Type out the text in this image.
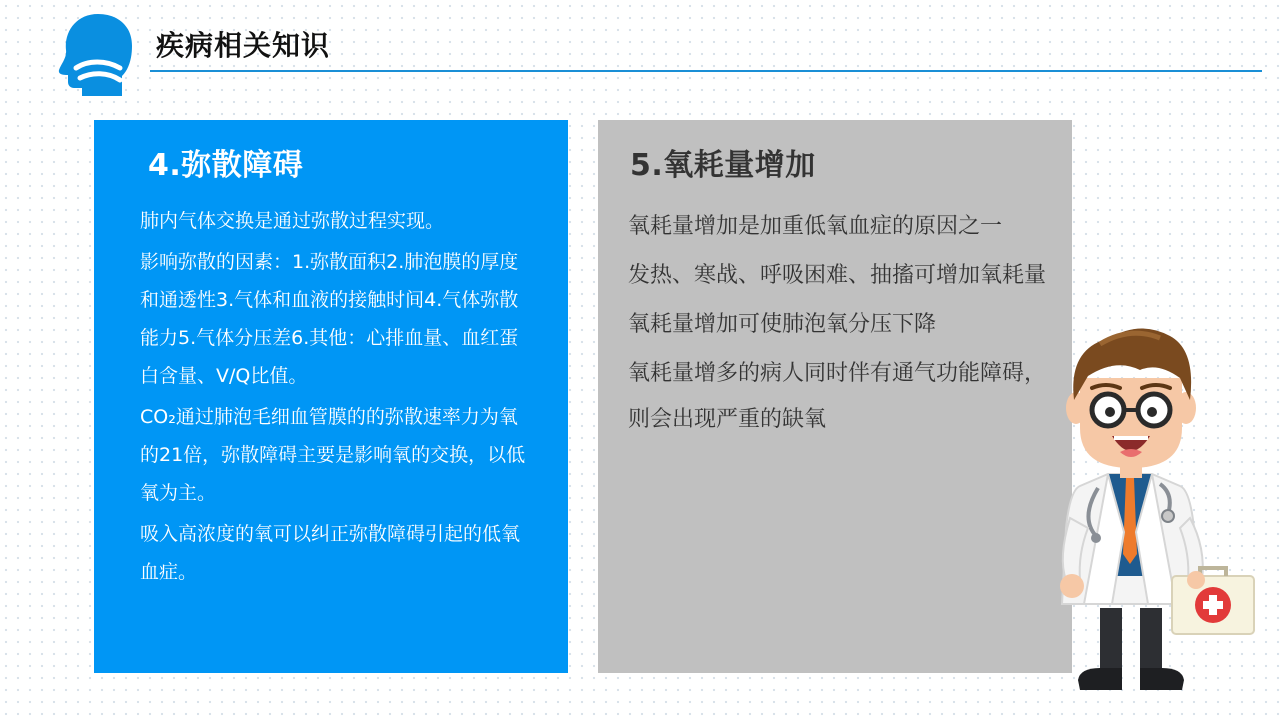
疾病相关知识
4.弥散障碍
肺内气体交换是通过弥散过程实现。
影响弥散的因素：1.弥散面积2.肺泡膜的厚度和通透性3.气体和血液的接触时间4.气体弥散能力5.气体分压差6.其他：心排血量、血红蛋白含量、V/Q比值。
CO₂通过肺泡毛细血管膜的的弥散速率力为氧的21倍，弥散障碍主要是影响氧的交换，以低氧为主。
吸入高浓度的氧可以纠正弥散障碍引起的低氧血症。
5.氧耗量增加
氧耗量增加是加重低氧血症的原因之一
发热、寒战、呼吸困难、抽搐可增加氧耗量
氧耗量增加可使肺泡氧分压下降
氧耗量增多的病人同时伴有通气功能障碍，则会出现严重的缺氧
